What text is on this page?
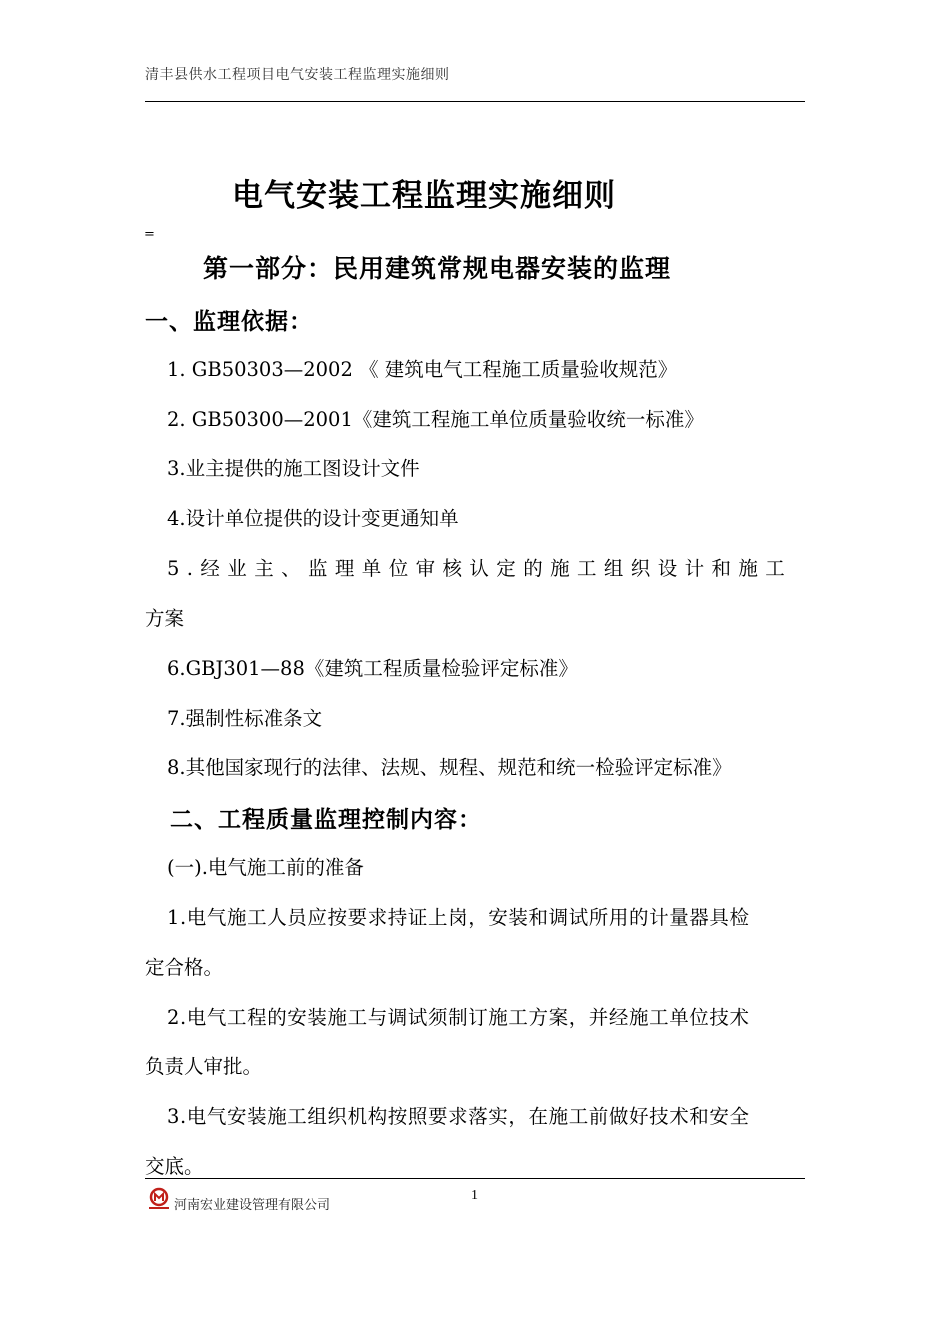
清丰县供水工程项目电气安装工程监理实施细则
电气安装工程监理实施细则
=
第一部分：民用建筑常规电器安装的监理
一、监理依据：
1. GB50303—2002 《 建筑电气工程施工质量验收规范》
2. GB50300—2001《建筑工程施工单位质量验收统一标准》
3.业主提供的施工图设计文件
4.设计单位提供的设计变更通知单
5.经业主、监理单位审核认定的施工组织设计和施工
方案
6.GBJ301—88《建筑工程质量检验评定标准》
7.强制性标准条文
8.其他国家现行的法律、法规、规程、规范和统一检验评定标准》
二、工程质量监理控制内容：
(一).电气施工前的准备
1.电气施工人员应按要求持证上岗，安装和调试所用的计量器具检
定合格。
2.电气工程的安装施工与调试须制订施工方案，并经施工单位技术
负责人审批。
3.电气安装施工组织机构按照要求落实，在施工前做好技术和安全
交底。
河南宏业建设管理有限公司
1
